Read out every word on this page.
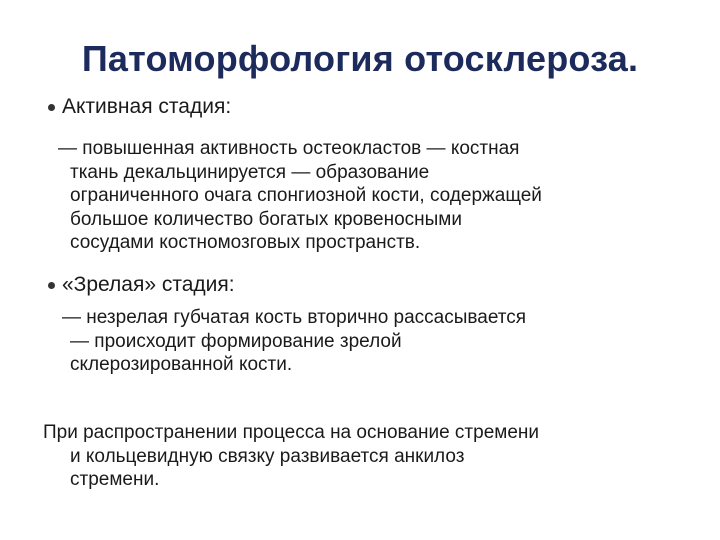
Патоморфология отосклероза.
Активная стадия:
— повышенная активность остеокластов — костная
ткань декальцинируется — образование
ограниченного очага спонгиозной кости, содержащей
большое количество богатых кровеносными
сосудами костномозговых пространств.
«Зрелая» стадия:
— незрелая губчатая кость вторично рассасывается
— происходит формирование зрелой
склерозированной кости.
При распространении процесса на основание стремени
и кольцевидную связку развивается анкилоз
стремени.
